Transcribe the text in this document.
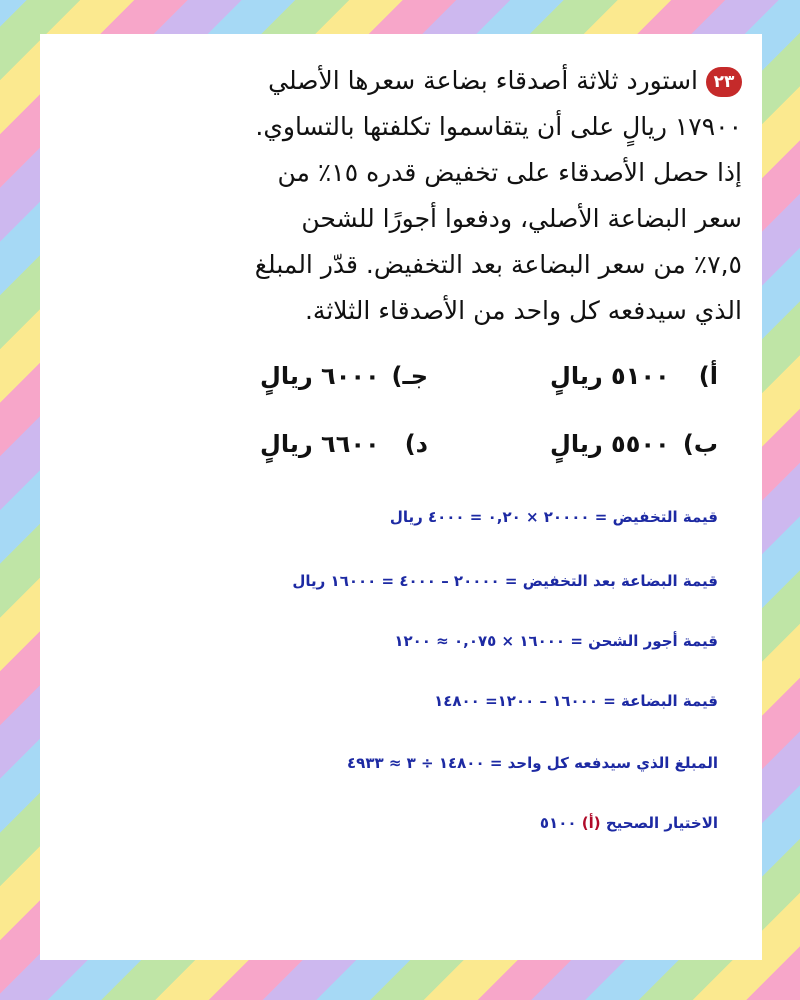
٢٣استورد ثلاثة أصدقاء بضاعة سعرها الأصلي
١٧٩٠٠ ريالٍ على أن يتقاسموا تكلفتها بالتساوي.
إذا حصل الأصدقاء على تخفيض قدره ١٥٪ من
سعر البضاعة الأصلي، ودفعوا أجورًا للشحن
٧,٥٪ من سعر البضاعة بعد التخفيض. قدّر المبلغ
الذي سيدفعه كل واحد من الأصدقاء الثلاثة.
أ) ٥١٠٠ ريالٍ
جـ) ٦٠٠٠ ريالٍ
ب) ٥٥٠٠ ريالٍ
د) ٦٦٠٠ ريالٍ
قيمة التخفيض = ٢٠٠٠٠ × ٠,٢٠ = ٤٠٠٠ ريال
قيمة البضاعة بعد التخفيض = ٢٠٠٠٠ – ٤٠٠٠ = ١٦٠٠٠ ريال
قيمة أجور الشحن = ١٦٠٠٠ × ٠,٠٧٥ ≈ ١٢٠٠
قيمة البضاعة = ١٦٠٠٠ – ١٢٠٠= ١٤٨٠٠
المبلغ الذي سيدفعه كل واحد = ١٤٨٠٠ ÷ ٣ ≈ ٤٩٣٣
الاختيار الصحيح (أ) ٥١٠٠
